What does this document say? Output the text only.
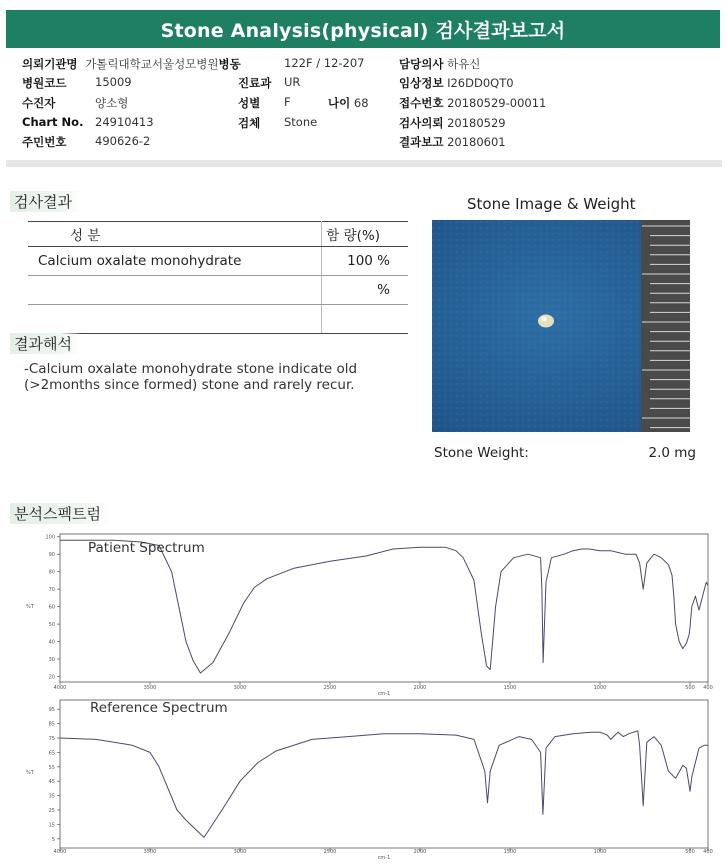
Stone Analysis(physical) 검사결과보고서
의뢰기관명 가톨릭대학교서울성모병원병동	122F / 12-207	담당의사 하유신
병원코드 15009	진료과 UR	임상정보 I26DD0QT0
수진자	양소형	성별 F	나이 68	접수번호 20180529-00011
Chart No. 24910413	검체 Stone	검사의뢰 20180529
주민번호 490626-2	결과보고 20180601
검사결과
성 분	함 량(%)
Calcium oxalate monohydrate	100 %
	%

결과해석
-Calcium oxalate monohydrate stone indicate old
(>2months since formed) stone and rarely recur.
Stone Image & Weight
Stone Weight:	2.0 mg
분석스펙트럼
4000	3500	3000	2500	2000	1500	1000	500 400
20
30
40
50
60
70
80
90
100
%T
cm-1
4000	3500	3000	2500	2000	1500	1000	500 400
5
15
25
35
45
55
65
75
85
95
%T
cm-1
Patient Spectrum
Reference Spectrum
